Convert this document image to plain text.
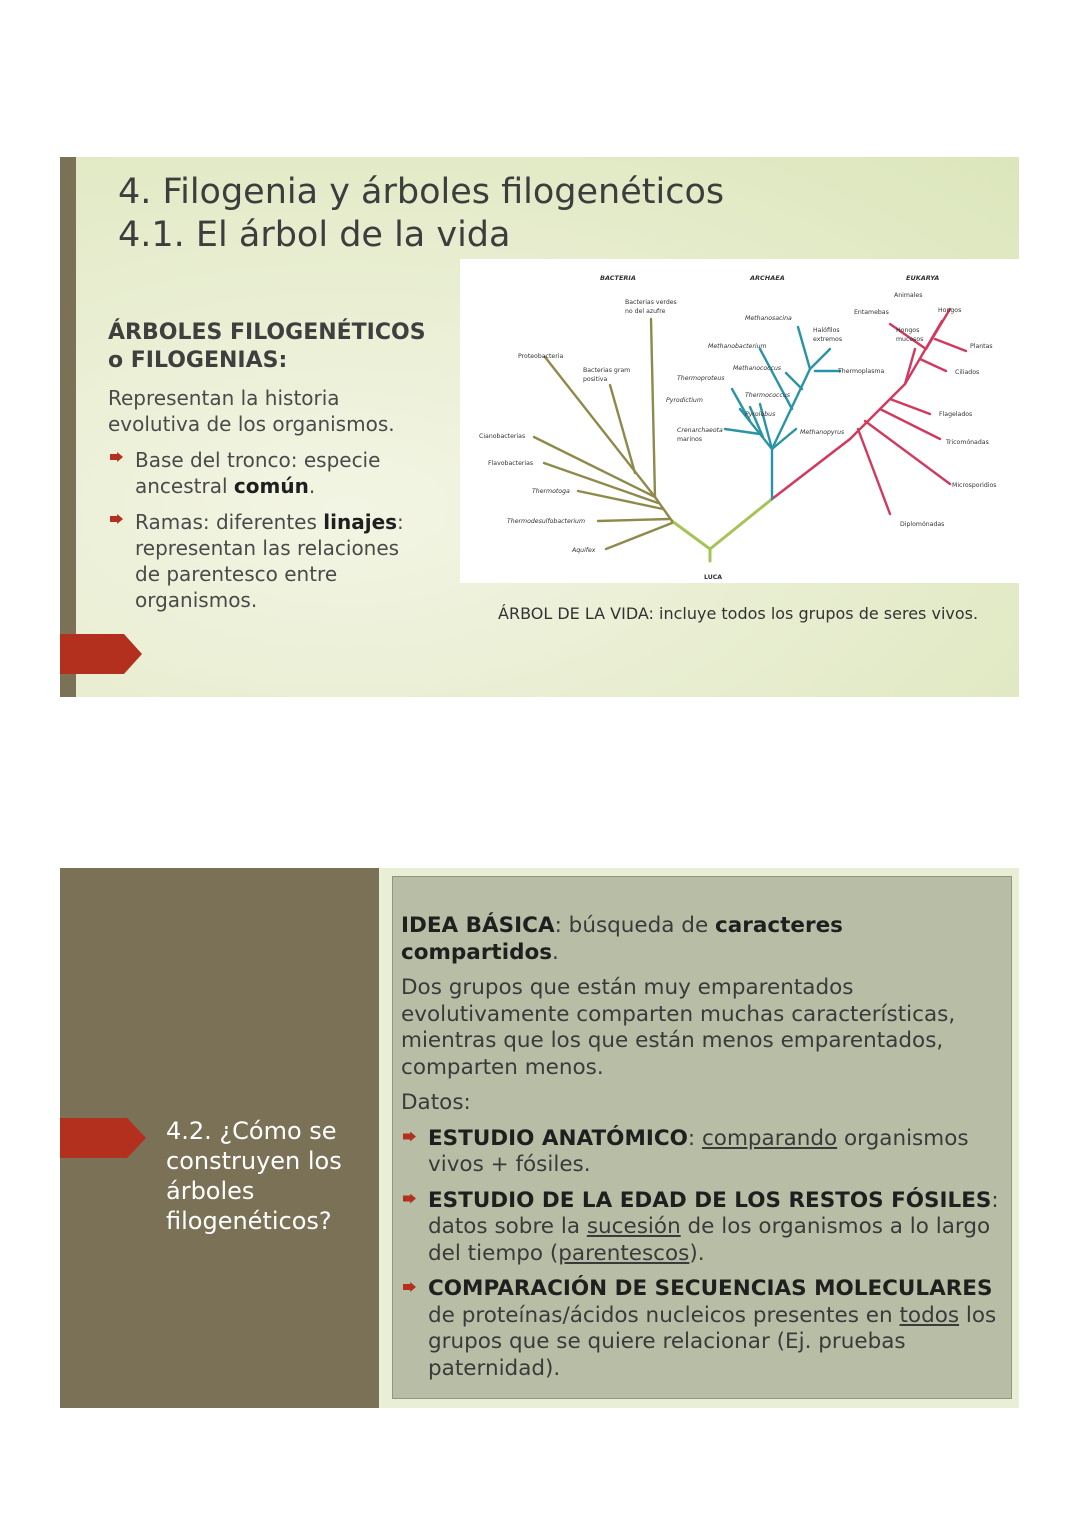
4. Filogenia y árboles filogenéticos
4.1. El árbol de la vida
ÁRBOLES FILOGENÉTICOS
o FILOGENIAS:
Representan la historia evolutiva de los organismos.
Base del tronco: especie ancestral común.
Ramas: diferentes linajes: representan las relaciones de parentesco entre organismos.
BACTERIA	ARCHAEA	EUKARYA
LUCA
Bacterias verdes
no del azufre
Proteobacteria
Bacterias gram
positiva
Cianobacterias
Flavobacterias
Thermotoga
Thermodesulfobacterium
Aquifex
Methanosacina
Halófilos
extremos
Methanobacterium
Methanococcus
Thermoproteus
Thermoplasma
Pyrodictium
Thermococcus
Pyrolobus
Crenarchaeota
marinos
Methanopyrus
Animales
Entamebas	Hongos
Hongos
mucosos
Plantas
Ciliados
Flagelados
Tricomónadas
Microsporidios
Diplomónadas
ÁRBOL DE LA VIDA: incluye todos los grupos de seres vivos.
4.2. ¿Cómo se construyen los árboles filogenéticos?

IDEA BÁSICA: búsqueda de caracteres compartidos.

Dos grupos que están muy emparentados evolutivamente comparten muchas características, mientras que los que están menos emparentados, comparten menos.

Datos:

ESTUDIO ANATÓMICO: comparando organismos vivos + fósiles.
ESTUDIO DE LA EDAD DE LOS RESTOS FÓSILES: datos sobre la sucesión de los organismos a lo largo del tiempo (parentescos).
COMPARACIÓN DE SECUENCIAS MOLECULARES de proteínas/ácidos nucleicos presentes en todos los grupos que se quiere relacionar (Ej. pruebas paternidad).
